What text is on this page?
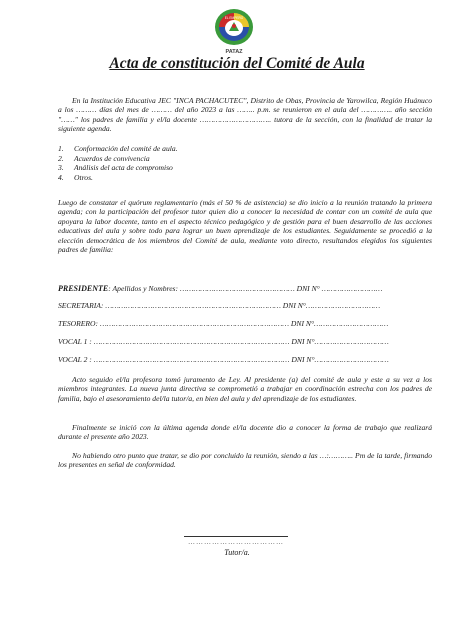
EL EMPERO
PATAZ
Acta de constitución del Comité de Aula
En la Institución Educativa JEC "INCA PACHACUTEC", Distrito de Obas, Provincia de Yarowilca, Región Huánuco a los ……… días del mes de ……… del año 2023 a las …….. p.m. se reunieron en el aula del ………….. año sección "……" los padres de familia y el/la docente ………………………….. tutora de la sección, con la finalidad de tratar la siguiente agenda.
1.	Conformación del comité de aula.
2.	Acuerdos de convivencia
3.	Análisis del acta de compromiso
4.	Otros.
Luego de constatar el quórum reglamentario (más el 50 % de asistencia) se dio inicio a la reunión tratando la primera agenda; con la participación del profesor tutor quien dio a conocer la necesidad de contar con un comité de aula que apoyara la labor docente, tanto en el aspecto técnico pedagógico y de gestión para el buen desarrollo de las acciones educativas del aula y sobre todo para lograr un buen aprendizaje de los estudiantes. Seguidamente se procedió a la elección democrática de los miembros del Comité de aula, mediante voto directo, resultandos elegidos los siguientes padres de familia:
PRESIDENTE: Apellidos y Nombres: …………………………………………… DNI N° ………………………
SECRETARIA: …………………………………………………………………… DNI N°……………………………
TESORERO: ………………………………………………………………………… DNI N°……………………………
VOCAL 1 : …………………………………………………………………………… DNI N°……………………………
VOCAL 2 : …………………………………………………………………………… DNI N°……………………………
Acto seguido el/la profesora tomó juramento de Ley. Al presidente (a) del comité de aula y este a su vez a los miembros integrantes. La nueva junta directiva se comprometió a trabajar en coordinación estrecha con los padres de familia, bajo el asesoramiento del/la tutor/a, en bien del aula y del aprendizaje de los estudiantes.
Finalmente se inició con la última agenda donde el/la docente dio a conocer la forma de trabajo que realizará durante el presente año 2023.
No habiendo otro punto que tratar, se dio por concluido la reunión, siendo a las …:……….. Pm de la tarde, firmando los presentes en señal de conformidad.
………………………………
Tutor/a.
